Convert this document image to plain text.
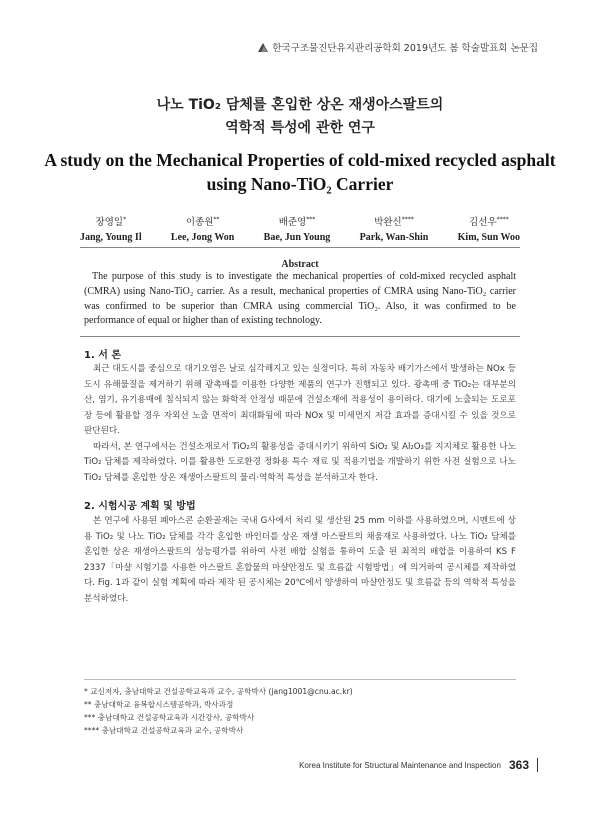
한국구조물진단유지관리공학회 2019년도 봄 학술발표회 논문집
나노 TiO₂ 담체를 혼입한 상온 재생아스팔트의
역학적 특성에 관한 연구
A study on the Mechanical Properties of cold-mixed recycled asphalt
using Nano-TiO₂ Carrier
장영일*
Jang, Young Il
이종원**
Lee, Jong Won
배준영***
Bae, Jun Young
박완신****
Park, Wan-Shin
김선우****
Kim, Sun Woo
Abstract
The purpose of this study is to investigate the mechanical properties of cold-mixed recycled asphalt (CMRA) using Nano-TiO₂ carrier. As a result, mechanical properties of CMRA using Nano-TiO₂ carrier was confirmed to be superior than CMRA using commercial TiO₂. Also, it was confirmed to be performance of equal or higher than of existing technology.
1. 서 론

최근 대도시를 중심으로 대기오염은 날로 심각해지고 있는 실정이다. 특히 자동차 배기가스에서 발생하는 NOx 등 도시 유해물질을 제거하기 위해 광촉매를 이용한 다양한 제품의 연구가 진행되고 있다. 광촉매 중 TiO₂는 대부분의 산, 염기, 유기용매에 침식되지 않는 화학적 안정성 때문에 건설소재에 적용성이 용이하다. 대기에 노출되는 도로포장 등에 활용할 경우 자외선 노출 면적이 최대화됨에 따라 NOx 및 미세먼지 저감 효과를 증대시킬 수 있을 것으로 판단된다.

따라서, 본 연구에서는 건설소재로서 TiO₂의 활용성을 증대시키기 위하여 SiO₂ 및 Al₂O₃를 지지체로 활용한 나노 TiO₂ 담체를 제작하였다. 이를 활용한 도로환경 정화용 특수 재료 및 적용기법을 개발하기 위한 사전 실험으로 나노 TiO₂ 담체를 혼입한 상온 재생아스팔트의 물리·역학적 특성을 분석하고자 한다.

2. 시험시공 계획 및 방법

본 연구에 사용된 폐아스콘 순환골재는 국내 G사에서 처리 및 생산된 25 mm 이하를 사용하였으며, 시멘트에 상용 TiO₂ 및 나노 TiO₂ 담체를 각각 혼입한 바인더를 상온 재생 아스팔트의 채움재로 사용하였다. 나노 TiO₂ 담체를 혼입한 상온 재생아스팔트의 성능평가를 위하여 사전 배합 실험을 통하여 도출 된 최적의 배합을 이용하여 KS F 2337「마샬 시험기를 사용한 아스팔트 혼합물의 마샬안정도 및 흐름값 시험방법」에 의거하여 공시체를 제작하였다. Fig. 1과 같이 실험 계획에 따라 제작 된 공시체는 20℃에서 양생하여 마샬안정도 및 흐름값 등의 역학적 특성을 분석하였다.

* 교신저자, 충남대학교 건설공학교육과 교수, 공학박사 (jang1001@cnu.ac.kr)

** 충남대학교 융복합시스템공학과, 박사과정

*** 충남대학교 건설공학교육과 시간강사, 공학박사

**** 충남대학교 건설공학교육과 교수, 공학박사

Korea Institute for Structural Maintenance and Inspection 363
